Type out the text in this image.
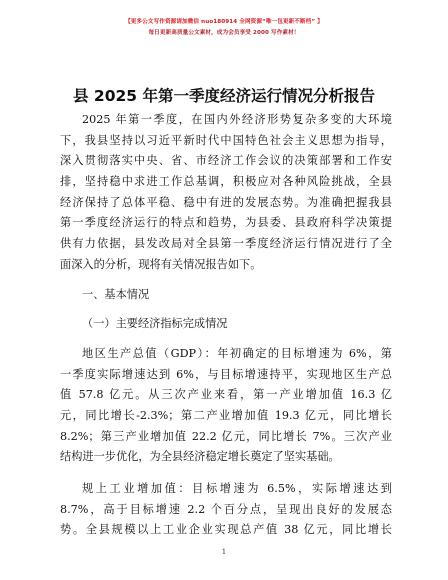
【更多公文写作资源请加微信 nuo180914 全网资源“唯一包更新不断档” 】
每日更新高质量公文素材，成为会员享受 2000 写作素材！
县 2025 年第一季度经济运行情况分析报告
2025 年第一季度，在国内外经济形势复杂多变的大环境
下，我县坚持以习近平新时代中国特色社会主义思想为指导，
深入贯彻落实中央、省、市经济工作会议的决策部署和工作安
排，坚持稳中求进工作总基调，积极应对各种风险挑战，全县
经济保持了总体平稳、稳中有进的发展态势。为准确把握我县
第一季度经济运行的特点和趋势，为县委、县政府科学决策提
供有力依据，县发改局对全县第一季度经济运行情况进行了全
面深入的分析，现将有关情况报告如下。
一、基本情况
（一）主要经济指标完成情况
地区生产总值（GDP）：年初确定的目标增速为 6%，第
一季度实际增速达到 6%，与目标增速持平，实现地区生产总
值 57.8 亿元。从三次产业来看，第一产业增加值 16.3 亿
元，同比增长-2.3%；第二产业增加值 19.3 亿元，同比增长
8.2%；第三产业增加值 22.2 亿元，同比增长 7%。三次产业
结构进一步优化，为全县经济稳定增长奠定了坚实基础。
规上工业增加值：目标增速为 6.5%，实际增速达到
8.7%，高于目标增速 2.2 个百分点，呈现出良好的发展态
势。全县规模以上工业企业实现总产值 38 亿元，同比增长
1
